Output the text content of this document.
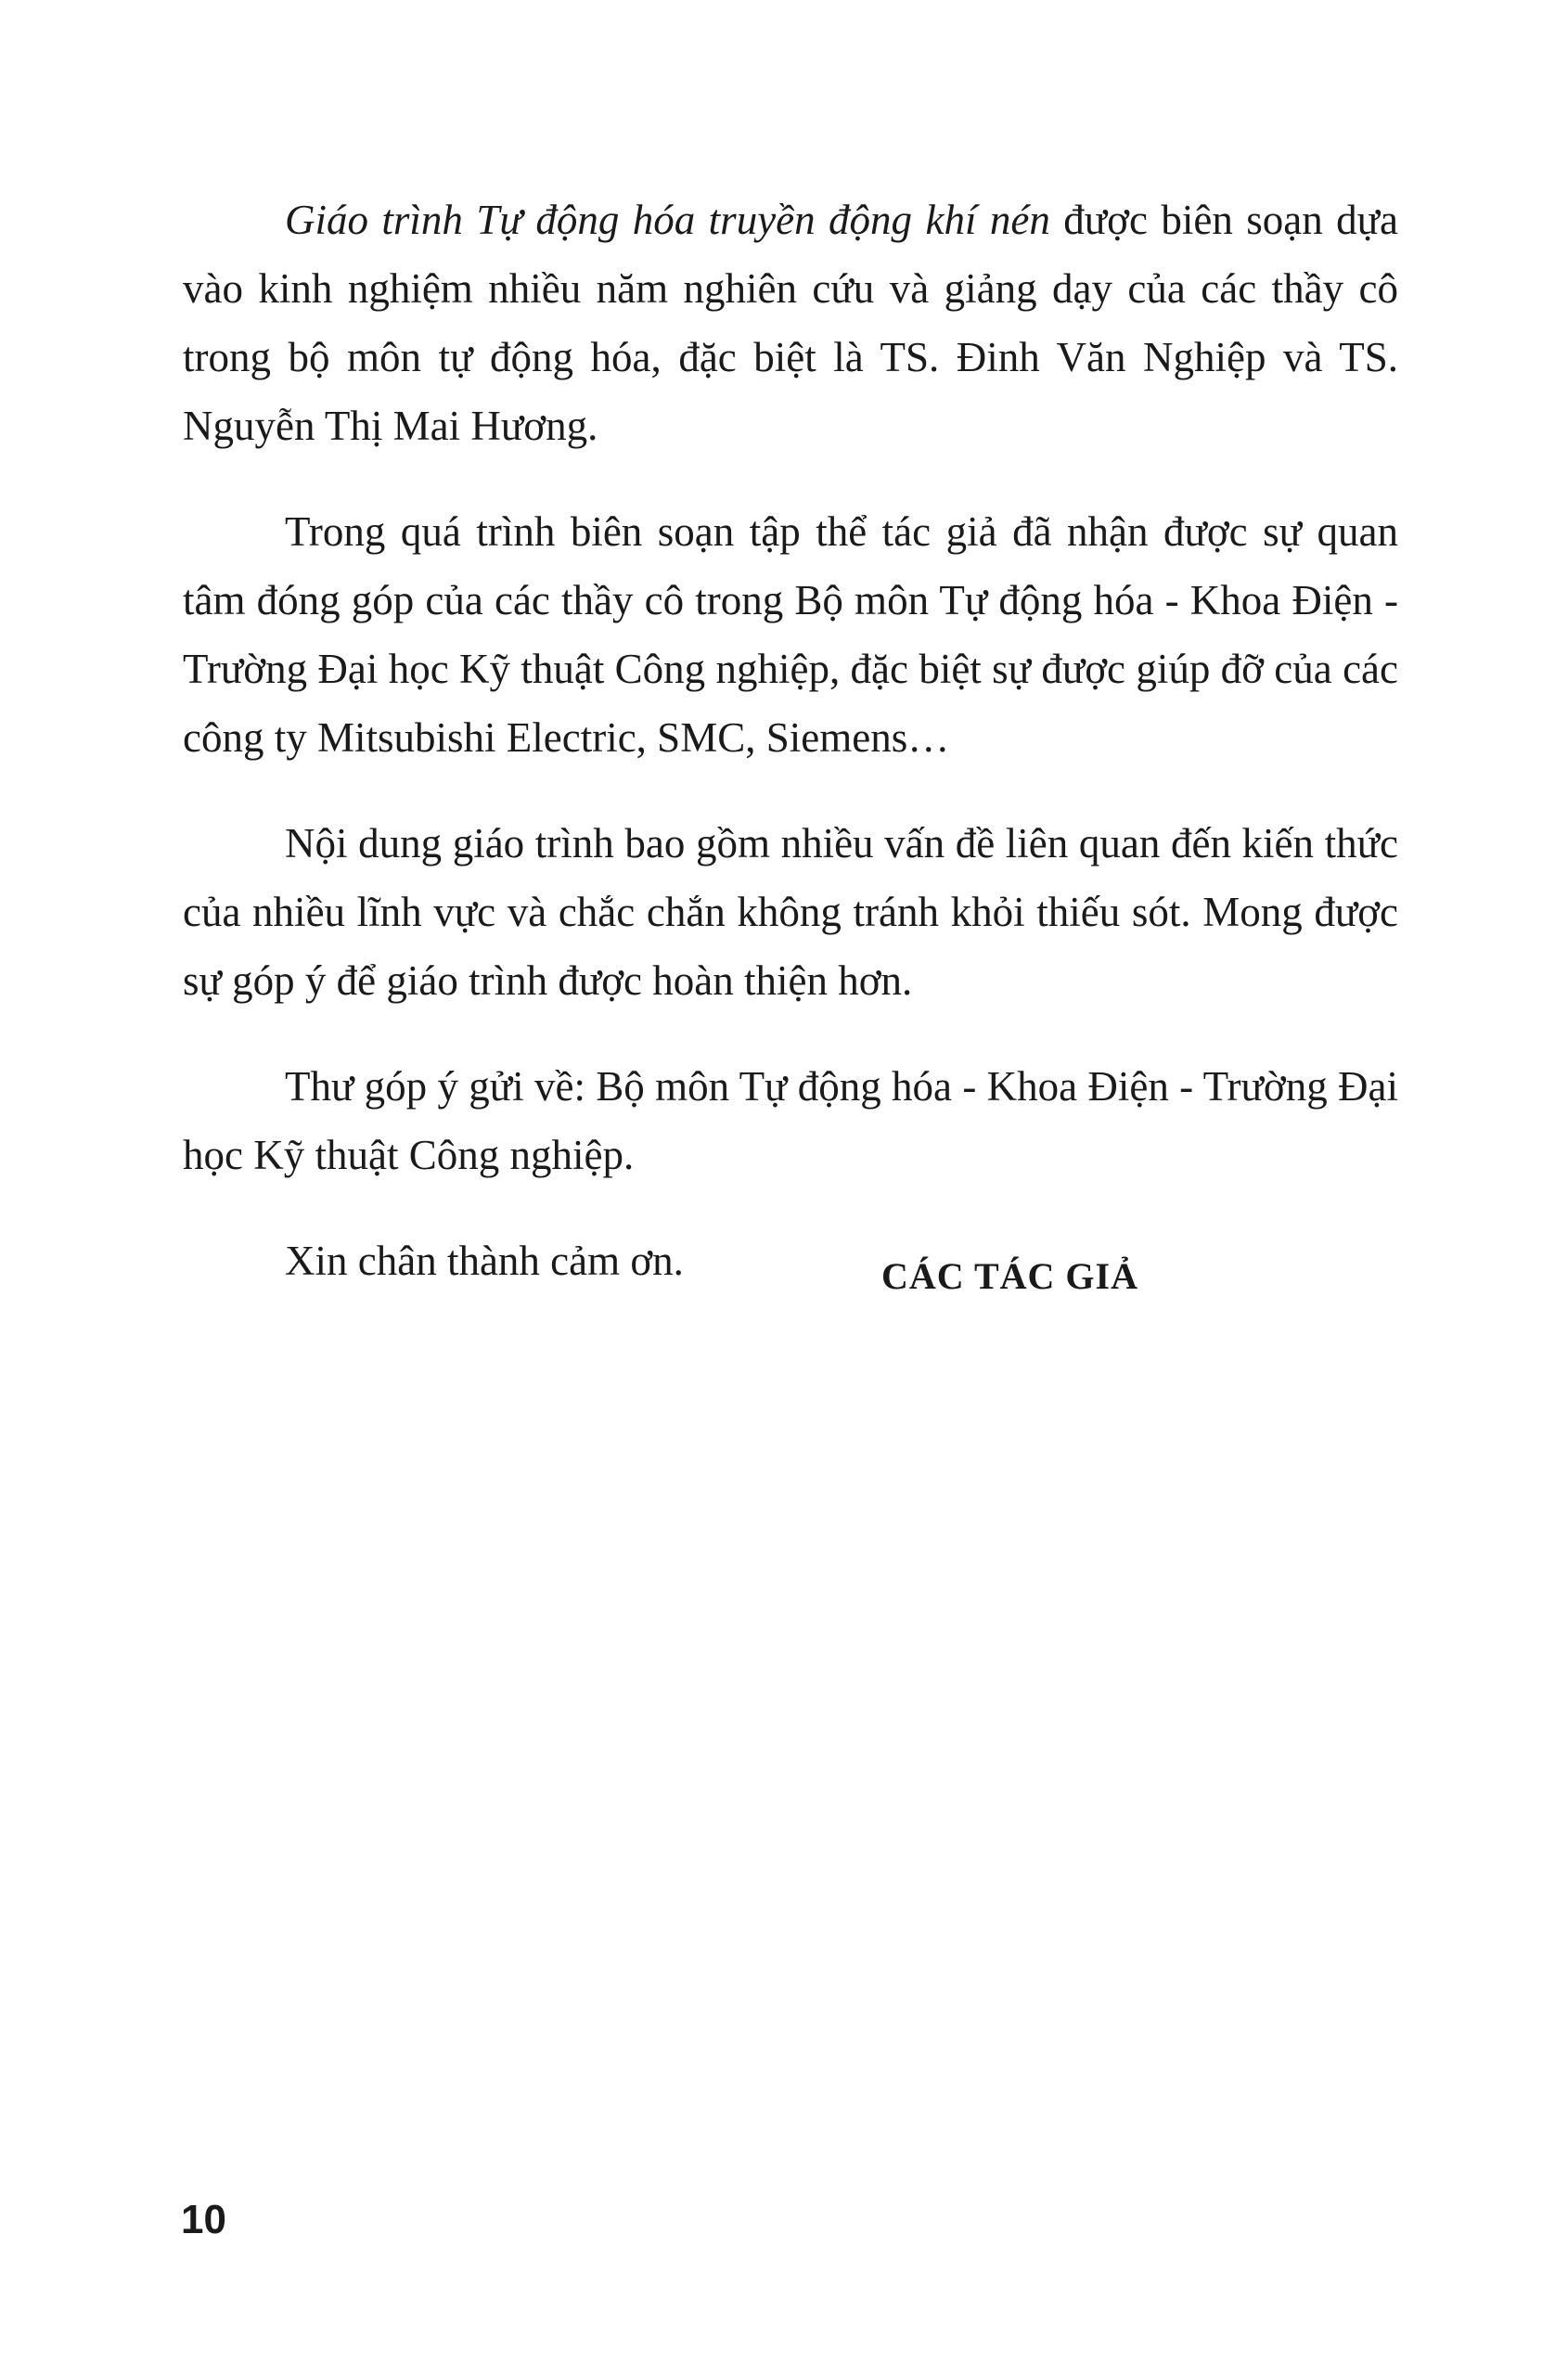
Giáo trình Tự động hóa truyền động khí nén được biên soạn dựa vào kinh nghiệm nhiều năm nghiên cứu và giảng dạy của các thầy cô trong bộ môn tự động hóa, đặc biệt là TS. Đinh Văn Nghiệp và TS. Nguyễn Thị Mai Hương.

Trong quá trình biên soạn tập thể tác giả đã nhận được sự quan tâm đóng góp của các thầy cô trong Bộ môn Tự động hóa - Khoa Điện - Trường Đại học Kỹ thuật Công nghiệp, đặc biệt sự được giúp đỡ của các công ty Mitsubishi Electric, SMC, Siemens…

Nội dung giáo trình bao gồm nhiều vấn đề liên quan đến kiến thức của nhiều lĩnh vực và chắc chắn không tránh khỏi thiếu sót. Mong được sự góp ý để giáo trình được hoàn thiện hơn.

Thư góp ý gửi về: Bộ môn Tự động hóa - Khoa Điện - Trường Đại học Kỹ thuật Công nghiệp.

Xin chân thành cảm ơn.	CÁC TÁC GIẢ
10
